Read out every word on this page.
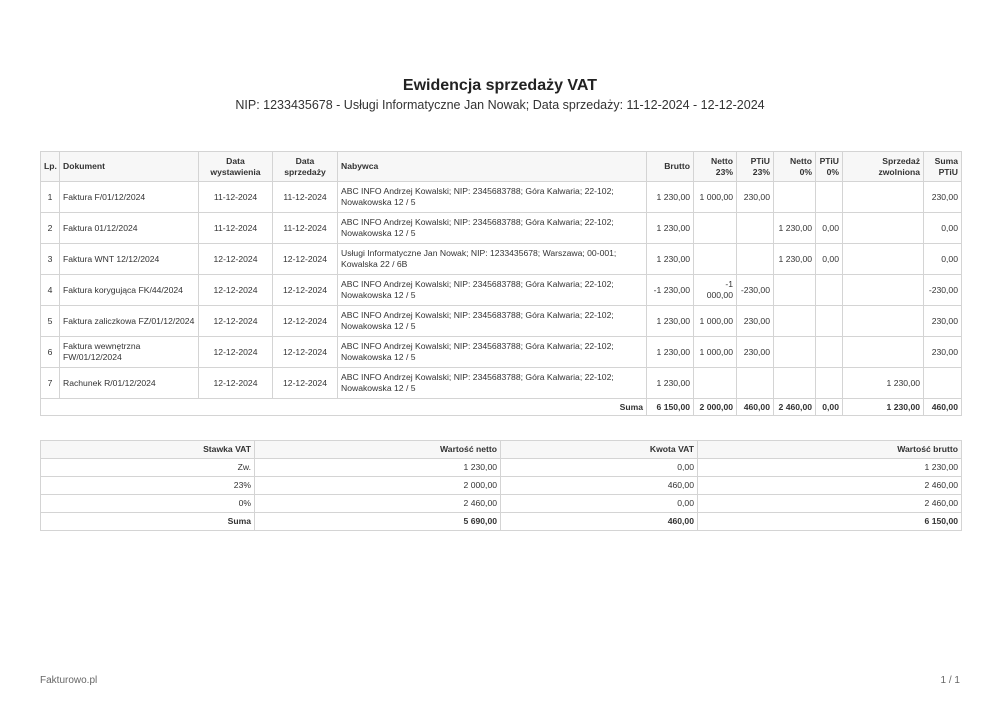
Ewidencja sprzedaży VAT
NIP: 1233435678 - Usługi Informatyczne Jan Nowak; Data sprzedaży: 11-12-2024 - 12-12-2024
Lp.	Dokument	Data wystawienia	Data sprzedaży	Nabywca	Brutto	Netto 23%	PTiU 23%	Netto 0%	PTiU 0%	Sprzedaż zwolniona	Suma PTiU
1	Faktura F/01/12/2024	11-12-2024	11-12-2024	ABC INFO Andrzej Kowalski; NIP: 2345683788; Góra Kalwaria; 22-102; Nowakowska 12 / 5	1 230,00	1 000,00	230,00				230,00
2	Faktura 01/12/2024	11-12-2024	11-12-2024	ABC INFO Andrzej Kowalski; NIP: 2345683788; Góra Kalwaria; 22-102; Nowakowska 12 / 5	1 230,00			1 230,00	0,00		0,00
3	Faktura WNT 12/12/2024	12-12-2024	12-12-2024	Usługi Informatyczne Jan Nowak; NIP: 1233435678; Warszawa; 00-001; Kowalska 22 / 6B	1 230,00			1 230,00	0,00		0,00
4	Faktura korygująca FK/44/2024	12-12-2024	12-12-2024	ABC INFO Andrzej Kowalski; NIP: 2345683788; Góra Kalwaria; 22-102; Nowakowska 12 / 5	-1 230,00	-1 000,00	-230,00				-230,00
5	Faktura zaliczkowa FZ/01/12/2024	12-12-2024	12-12-2024	ABC INFO Andrzej Kowalski; NIP: 2345683788; Góra Kalwaria; 22-102; Nowakowska 12 / 5	1 230,00	1 000,00	230,00				230,00
6	Faktura wewnętrzna FW/01/12/2024	12-12-2024	12-12-2024	ABC INFO Andrzej Kowalski; NIP: 2345683788; Góra Kalwaria; 22-102; Nowakowska 12 / 5	1 230,00	1 000,00	230,00				230,00
7	Rachunek R/01/12/2024	12-12-2024	12-12-2024	ABC INFO Andrzej Kowalski; NIP: 2345683788; Góra Kalwaria; 22-102; Nowakowska 12 / 5	1 230,00					1 230,00	
Suma					6 150,00	2 000,00	460,00	2 460,00	0,00	1 230,00	460,00
Stawka VAT	Wartość netto	Kwota VAT	Wartość brutto
Zw.	1 230,00	0,00	1 230,00
23%	2 000,00	460,00	2 460,00
0%	2 460,00	0,00	2 460,00
Suma	5 690,00	460,00	6 150,00
Fakturowo.pl	1 / 1
